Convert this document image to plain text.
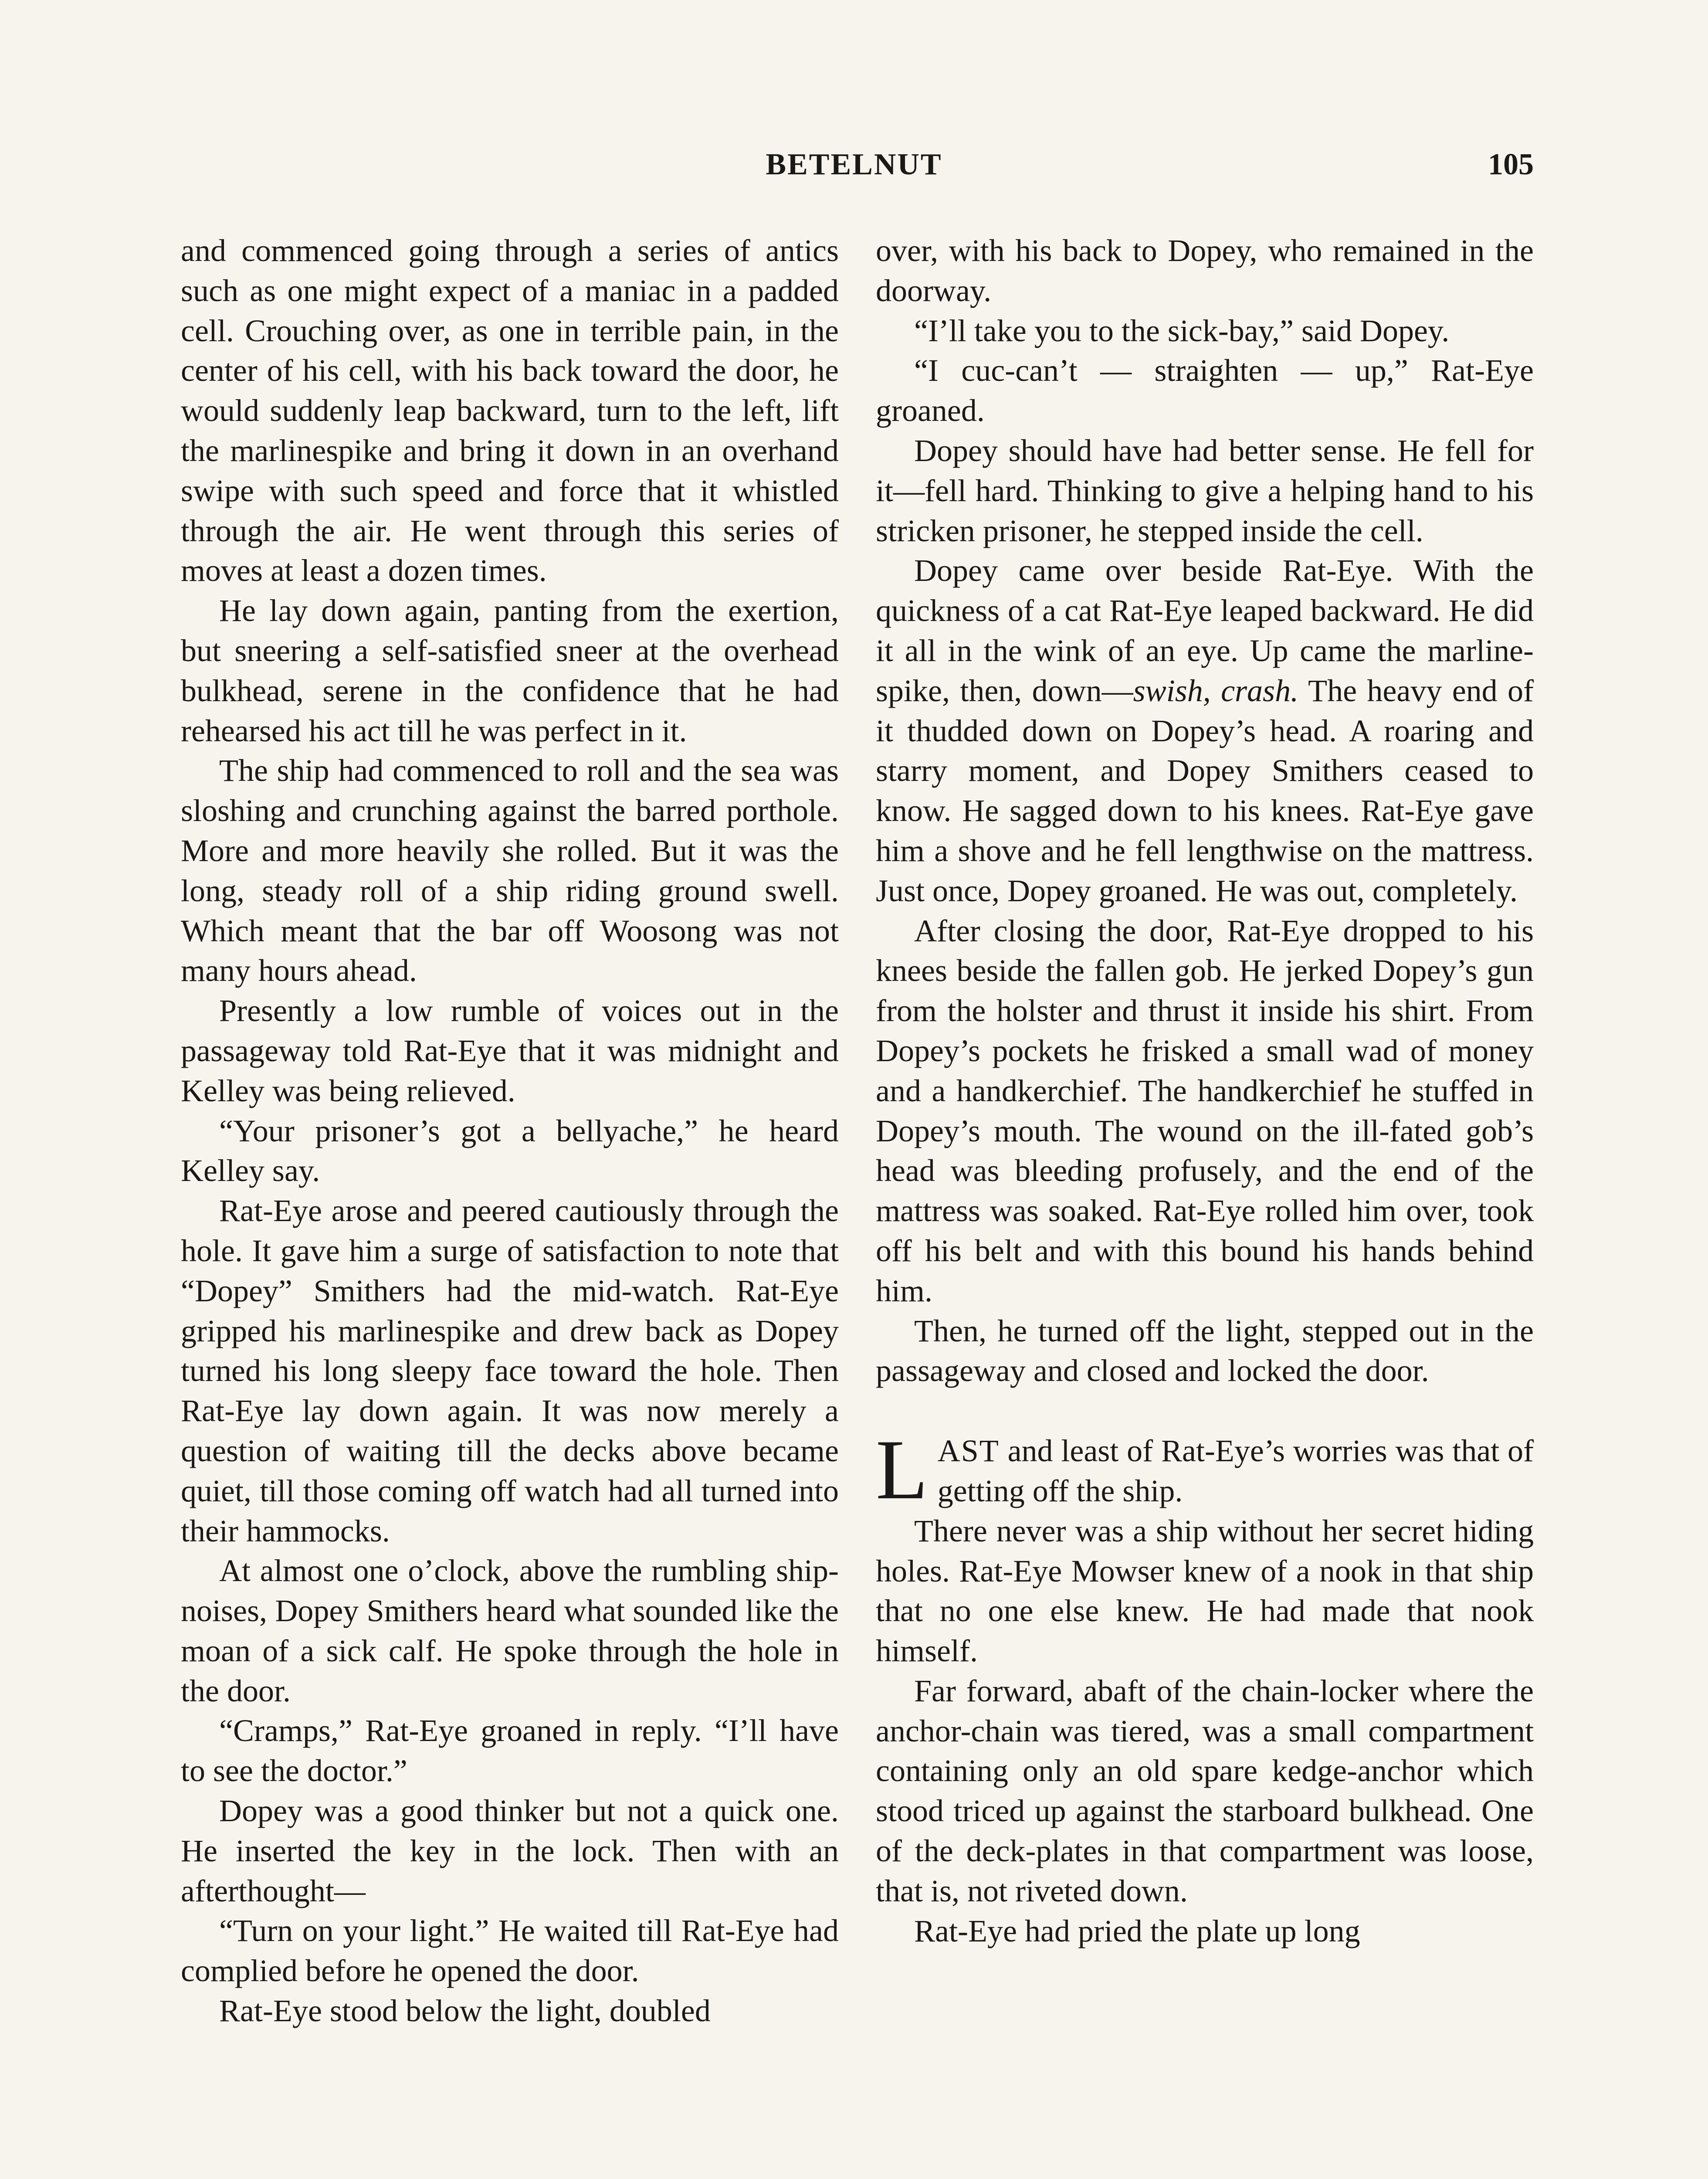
BETELNUT	105

and commenced going through a series of antics such as one might expect of a maniac in a padded cell. Crouching over, as one in terrible pain, in the center of his cell, with his back toward the door, he would suddenly leap backward, turn to the left, lift the marlinespike and bring it down in an overhand swipe with such speed and force that it whistled through the air. He went through this series of moves at least a dozen times.

He lay down again, panting from the exertion, but sneering a self-satisfied sneer at the overhead bulkhead, serene in the confidence that he had rehearsed his act till he was perfect in it.

The ship had commenced to roll and the sea was sloshing and crunching against the barred porthole. More and more heavily she rolled. But it was the long, steady roll of a ship riding ground swell. Which meant that the bar off Woosong was not many hours ahead.

Presently a low rumble of voices out in the passageway told Rat-Eye that it was midnight and Kelley was being relieved.

“Your prisoner’s got a bellyache,” he heard Kelley say.

Rat-Eye arose and peered cautiously through the hole. It gave him a surge of satisfaction to note that “Dopey” Smithers had the mid-watch. Rat-Eye gripped his marlinespike and drew back as Dopey turned his long sleepy face toward the hole. Then Rat-Eye lay down again. It was now merely a question of waiting till the decks above became quiet, till those coming off watch had all turned into their hammocks.

At almost one o’clock, above the rumbling ship-noises, Dopey Smithers heard what sounded like the moan of a sick calf. He spoke through the hole in the door.

“Cramps,” Rat-Eye groaned in reply. “I’ll have to see the doctor.”

Dopey was a good thinker but not a quick one. He inserted the key in the lock. Then with an afterthought—

“Turn on your light.” He waited till Rat-Eye had complied before he opened the door.

Rat-Eye stood below the light, doubled

over, with his back to Dopey, who remained in the doorway.

“I’ll take you to the sick-bay,” said Dopey.

“I cuc-can’t — straighten — up,” Rat-Eye groaned.

Dopey should have had better sense. He fell for it—fell hard. Thinking to give a helping hand to his stricken prisoner, he stepped inside the cell.

Dopey came over beside Rat-Eye. With the quickness of a cat Rat-Eye leaped backward. He did it all in the wink of an eye. Up came the marlinespike, then, down—swish, crash. The heavy end of it thudded down on Dopey’s head. A roaring and starry moment, and Dopey Smithers ceased to know. He sagged down to his knees. Rat-Eye gave him a shove and he fell lengthwise on the mattress. Just once, Dopey groaned. He was out, completely.

After closing the door, Rat-Eye dropped to his knees beside the fallen gob. He jerked Dopey’s gun from the holster and thrust it inside his shirt. From Dopey’s pockets he frisked a small wad of money and a handkerchief. The handkerchief he stuffed in Dopey’s mouth. The wound on the ill-fated gob’s head was bleeding profusely, and the end of the mattress was soaked. Rat-Eye rolled him over, took off his belt and with this bound his hands behind him.

Then, he turned off the light, stepped out in the passageway and closed and locked the door.

LAST and least of Rat-Eye’s worries was that of getting off the ship.

There never was a ship without her secret hiding holes. Rat-Eye Mowser knew of a nook in that ship that no one else knew. He had made that nook himself.

Far forward, abaft of the chain-locker where the anchor-chain was tiered, was a small compartment containing only an old spare kedge-anchor which stood triced up against the starboard bulkhead. One of the deck-plates in that compartment was loose, that is, not riveted down.

Rat-Eye had pried the plate up long
